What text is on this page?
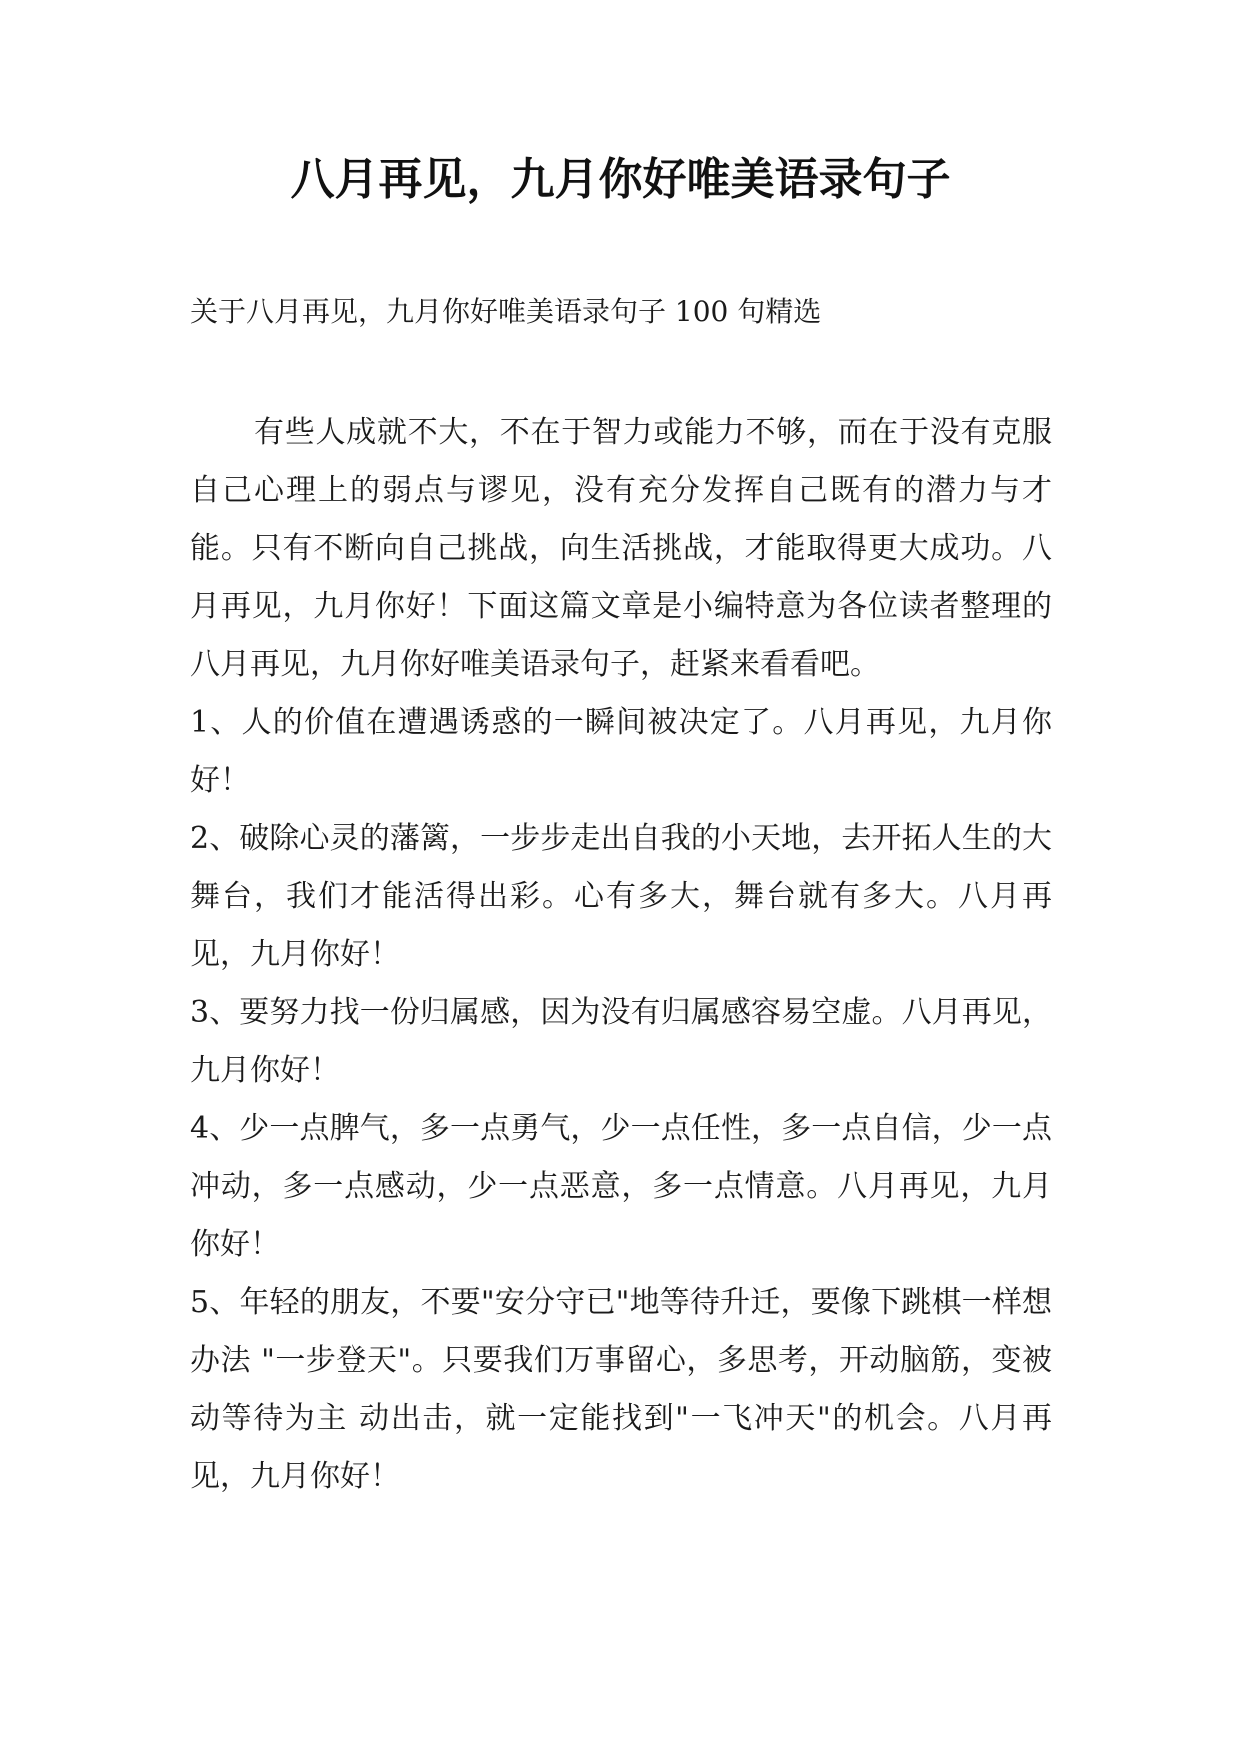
八月再见，九月你好唯美语录句子

关于八月再见，九月你好唯美语录句子 100 句精选

有些人成就不大，不在于智力或能力不够，而在于没有克服自己心理上的弱点与谬见，没有充分发挥自己既有的潜力与才能。只有不断向自己挑战，向生活挑战，才能取得更大成功。八月再见，九月你好！下面这篇文章是小编特意为各位读者整理的八月再见，九月你好唯美语录句子，赶紧来看看吧。

1、人的价值在遭遇诱惑的一瞬间被决定了。八月再见，九月你好！

2、破除心灵的藩篱，一步步走出自我的小天地，去开拓人生的大舞台，我们才能活得出彩。心有多大，舞台就有多大。八月再见，九月你好！

3、要努力找一份归属感，因为没有归属感容易空虚。八月再见，九月你好！

4、少一点脾气，多一点勇气，少一点任性，多一点自信，少一点冲动，多一点感动，少一点恶意，多一点情意。八月再见，九月你好！

5、年轻的朋友，不要"安分守已"地等待升迁，要像下跳棋一样想办法 "一步登天"。只要我们万事留心，多思考，开动脑筋，变被动等待为主 动出击，就一定能找到"一飞冲天"的机会。八月再见，九月你好！
